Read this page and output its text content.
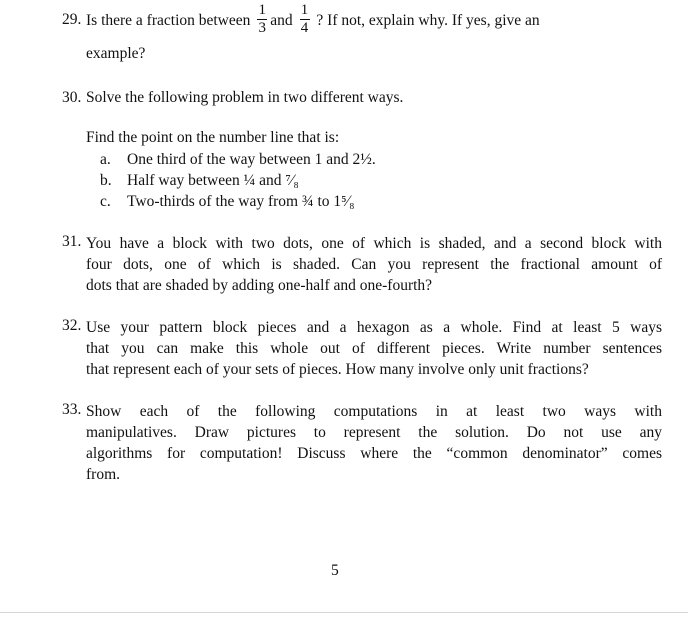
29. Is there a fraction between $\frac{1}{3}$ and $\frac{1}{4}$ ? If not, explain why. If yes, give an
example?
30. Solve the following problem in two different ways.
Find the point on the number line that is:
a. One third of the way between 1 and 2½.
b. Half way between ¼ and ⁷⁄₈
c. Two-thirds of the way from ¾ to 1⁵⁄₈
31. You have a block with two dots, one of which is shaded, and a second block with
four dots, one of which is shaded. Can you represent the fractional amount of
dots that are shaded by adding one-half and one-fourth?
32. Use your pattern block pieces and a hexagon as a whole. Find at least 5 ways
that you can make this whole out of different pieces. Write number sentences
that represent each of your sets of pieces. How many involve only unit fractions?
33. Show each of the following computations in at least two ways with
manipulatives. Draw pictures to represent the solution. Do not use any
algorithms for computation! Discuss where the “common denominator” comes
from.
5
